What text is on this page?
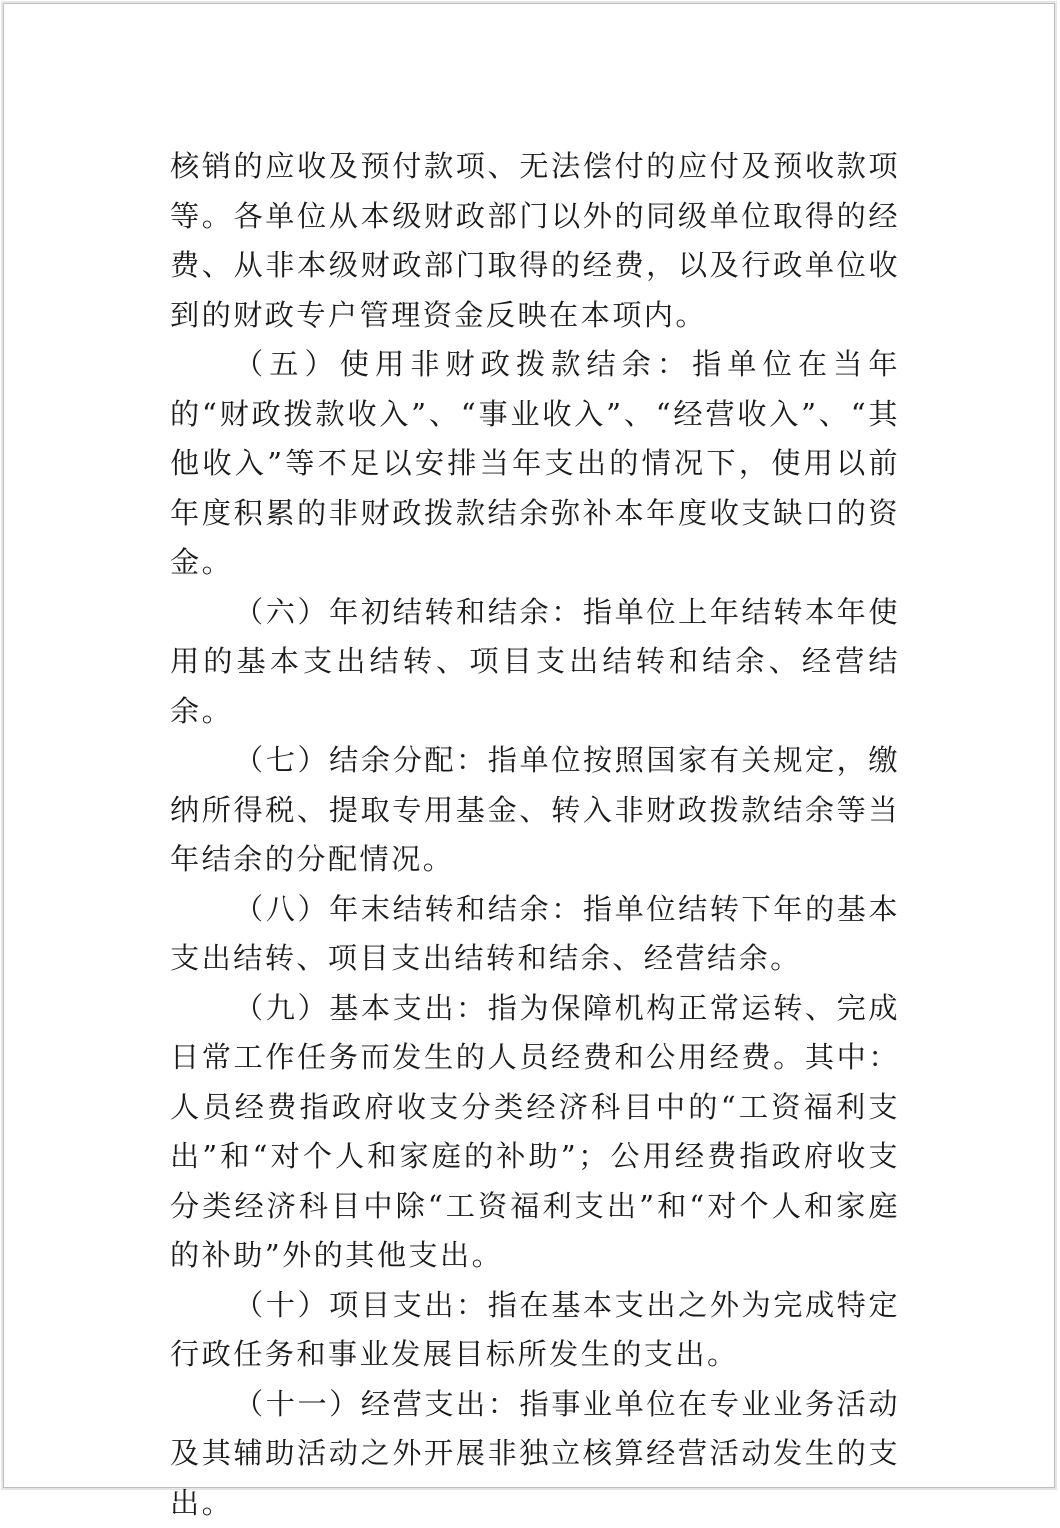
核销的应收及预付款项、无法偿付的应付及预收款项等。各单位从本级财政部门以外的同级单位取得的经费、从非本级财政部门取得的经费，以及行政单位收到的财政专户管理资金反映在本项内。

（五）使用非财政拨款结余：指单位在当年的“财政拨款收入”、“事业收入”、“经营收入”、“其他收入”等不足以安排当年支出的情况下，使用以前年度积累的非财政拨款结余弥补本年度收支缺口的资金。

（六）年初结转和结余：指单位上年结转本年使用的基本支出结转、项目支出结转和结余、经营结余。

（七）结余分配：指单位按照国家有关规定，缴纳所得税、提取专用基金、转入非财政拨款结余等当年结余的分配情况。

（八）年末结转和结余：指单位结转下年的基本支出结转、项目支出结转和结余、经营结余。

（九）基本支出：指为保障机构正常运转、完成日常工作任务而发生的人员经费和公用经费。其中：人员经费指政府收支分类经济科目中的“工资福利支出”和“对个人和家庭的补助”；公用经费指政府收支分类经济科目中除“工资福利支出”和“对个人和家庭的补助”外的其他支出。

（十）项目支出：指在基本支出之外为完成特定行政任务和事业发展目标所发生的支出。

（十一）经营支出：指事业单位在专业业务活动及其辅助活动之外开展非独立核算经营活动发生的支出。
